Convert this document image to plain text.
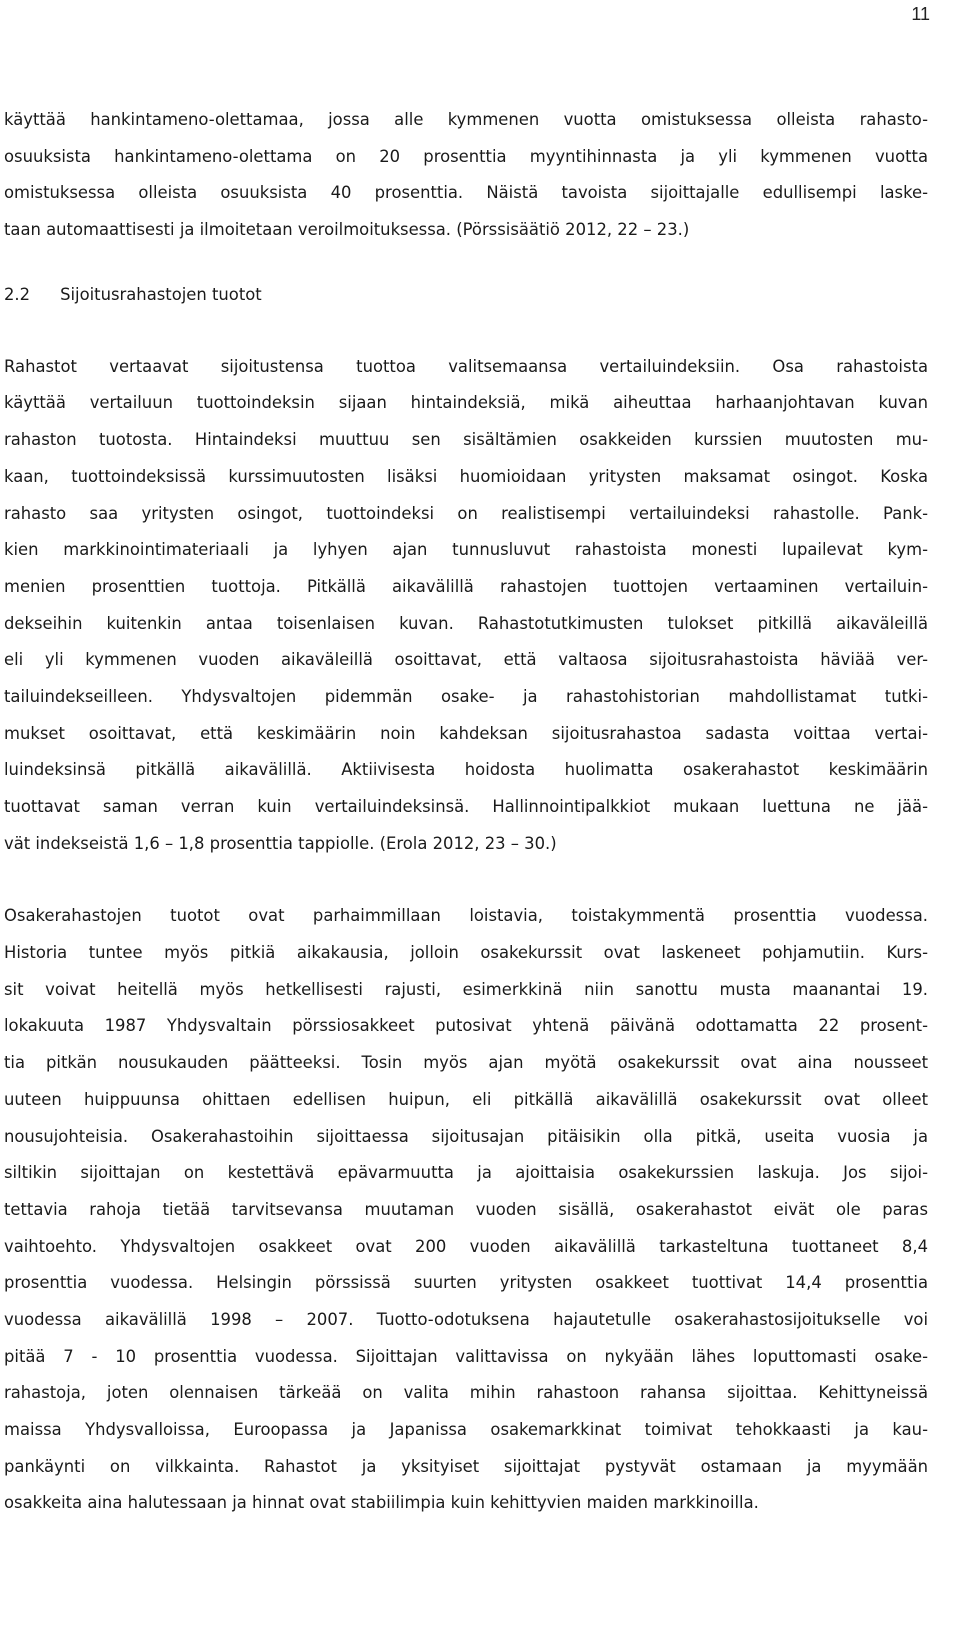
11
käyttää hankintameno-olettamaa, jossa alle kymmenen vuotta omistuksessa olleista rahasto-
osuuksista hankintameno-olettama on 20 prosenttia myyntihinnasta ja yli kymmenen vuotta
omistuksessa olleista osuuksista 40 prosenttia. Näistä tavoista sijoittajalle edullisempi laske-
taan automaattisesti ja ilmoitetaan veroilmoituksessa. (Pörssisäätiö 2012, 22 – 23.)
2.2 Sijoitusrahastojen tuotot
Rahastot vertaavat sijoitustensa tuottoa valitsemaansa vertailuindeksiin. Osa rahastoista
käyttää vertailuun tuottoindeksin sijaan hintaindeksiä, mikä aiheuttaa harhaanjohtavan kuvan
rahaston tuotosta. Hintaindeksi muuttuu sen sisältämien osakkeiden kurssien muutosten mu-
kaan, tuottoindeksissä kurssimuutosten lisäksi huomioidaan yritysten maksamat osingot. Koska
rahasto saa yritysten osingot, tuottoindeksi on realistisempi vertailuindeksi rahastolle. Pank-
kien markkinointimateriaali ja lyhyen ajan tunnusluvut rahastoista monesti lupailevat kym-
menien prosenttien tuottoja. Pitkällä aikavälillä rahastojen tuottojen vertaaminen vertailuin-
dekseihin kuitenkin antaa toisenlaisen kuvan. Rahastotutkimusten tulokset pitkillä aikaväleillä
eli yli kymmenen vuoden aikaväleillä osoittavat, että valtaosa sijoitusrahastoista häviää ver-
tailuindekseilleen. Yhdysvaltojen pidemmän osake- ja rahastohistorian mahdollistamat tutki-
mukset osoittavat, että keskimäärin noin kahdeksan sijoitusrahastoa sadasta voittaa vertai-
luindeksinsä pitkällä aikavälillä. Aktiivisesta hoidosta huolimatta osakerahastot keskimäärin
tuottavat saman verran kuin vertailuindeksinsä. Hallinnointipalkkiot mukaan luettuna ne jää-
vät indekseistä 1,6 – 1,8 prosenttia tappiolle. (Erola 2012, 23 – 30.)
Osakerahastojen tuotot ovat parhaimmillaan loistavia, toistakymmentä prosenttia vuodessa.
Historia tuntee myös pitkiä aikakausia, jolloin osakekurssit ovat laskeneet pohjamutiin. Kurs-
sit voivat heitellä myös hetkellisesti rajusti, esimerkkinä niin sanottu musta maanantai 19.
lokakuuta 1987 Yhdysvaltain pörssiosakkeet putosivat yhtenä päivänä odottamatta 22 prosent-
tia pitkän nousukauden päätteeksi. Tosin myös ajan myötä osakekurssit ovat aina nousseet
uuteen huippuunsa ohittaen edellisen huipun, eli pitkällä aikavälillä osakekurssit ovat olleet
nousujohteisia. Osakerahastoihin sijoittaessa sijoitusajan pitäisikin olla pitkä, useita vuosia ja
siltikin sijoittajan on kestettävä epävarmuutta ja ajoittaisia osakekurssien laskuja. Jos sijoi-
tettavia rahoja tietää tarvitsevansa muutaman vuoden sisällä, osakerahastot eivät ole paras
vaihtoehto. Yhdysvaltojen osakkeet ovat 200 vuoden aikavälillä tarkasteltuna tuottaneet 8,4
prosenttia vuodessa. Helsingin pörssissä suurten yritysten osakkeet tuottivat 14,4 prosenttia
vuodessa aikavälillä 1998 – 2007. Tuotto-odotuksena hajautetulle osakerahastosijoitukselle voi
pitää 7 - 10 prosenttia vuodessa. Sijoittajan valittavissa on nykyään lähes loputtomasti osake-
rahastoja, joten olennaisen tärkeää on valita mihin rahastoon rahansa sijoittaa. Kehittyneissä
maissa Yhdysvalloissa, Euroopassa ja Japanissa osakemarkkinat toimivat tehokkaasti ja kau-
pankäynti on vilkkainta. Rahastot ja yksityiset sijoittajat pystyvät ostamaan ja myymään
osakkeita aina halutessaan ja hinnat ovat stabiilimpia kuin kehittyvien maiden markkinoilla.
